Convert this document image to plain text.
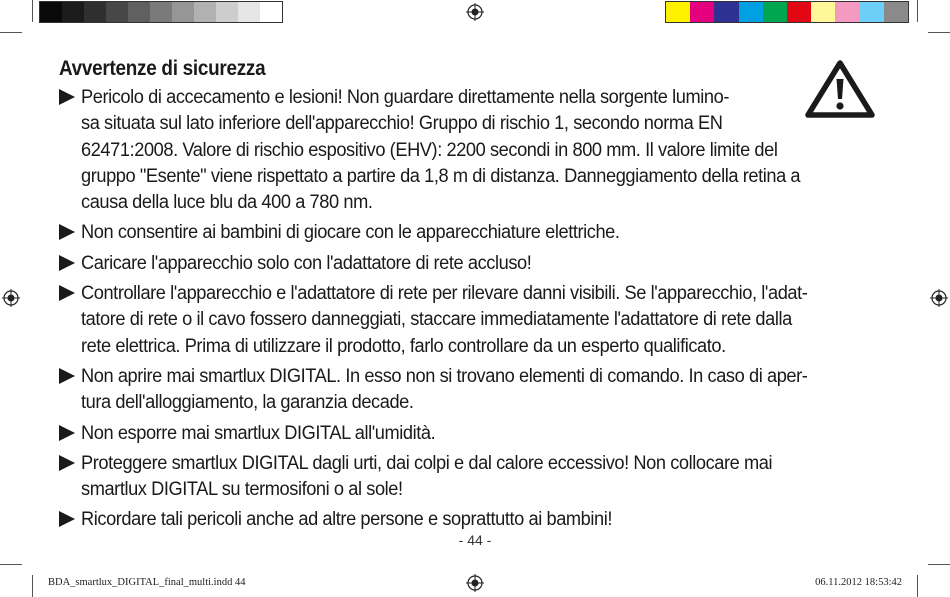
Avvertenze di sicurezza
Pericolo di accecamento e lesioni! Non guardare direttamente nella sorgente lumino-
sa situata sul lato inferiore dell'apparecchio! Gruppo di rischio 1, secondo norma EN
62471:2008. Valore di rischio espositivo (EHV): 2200 secondi in 800 mm. Il valore limite del
gruppo "Esente" viene rispettato a partire da 1,8 m di distanza. Danneggiamento della retina a
causa della luce blu da 400 a 780 nm.
Non consentire ai bambini di giocare con le apparecchiature elettriche.
Caricare l'apparecchio solo con l'adattatore di rete accluso!
Controllare l'apparecchio e l'adattatore di rete per rilevare danni visibili. Se l'apparecchio, l'adat-
tatore di rete o il cavo fossero danneggiati, staccare immediatamente l'adattatore di rete dalla
rete elettrica. Prima di utilizzare il prodotto, farlo controllare da un esperto qualificato.
Non aprire mai smartlux DIGITAL. In esso non si trovano elementi di comando. In caso di aper-
tura dell'alloggiamento, la garanzia decade.
Non esporre mai smartlux DIGITAL all'umidità.
Proteggere smartlux DIGITAL dagli urti, dai colpi e dal calore eccessivo! Non collocare mai
smartlux DIGITAL su termosifoni o al sole!
Ricordare tali pericoli anche ad altre persone e soprattutto ai bambini!
- 44 -
BDA_smartlux_DIGITAL_final_multi.indd 44	06.11.2012 18:53:42
